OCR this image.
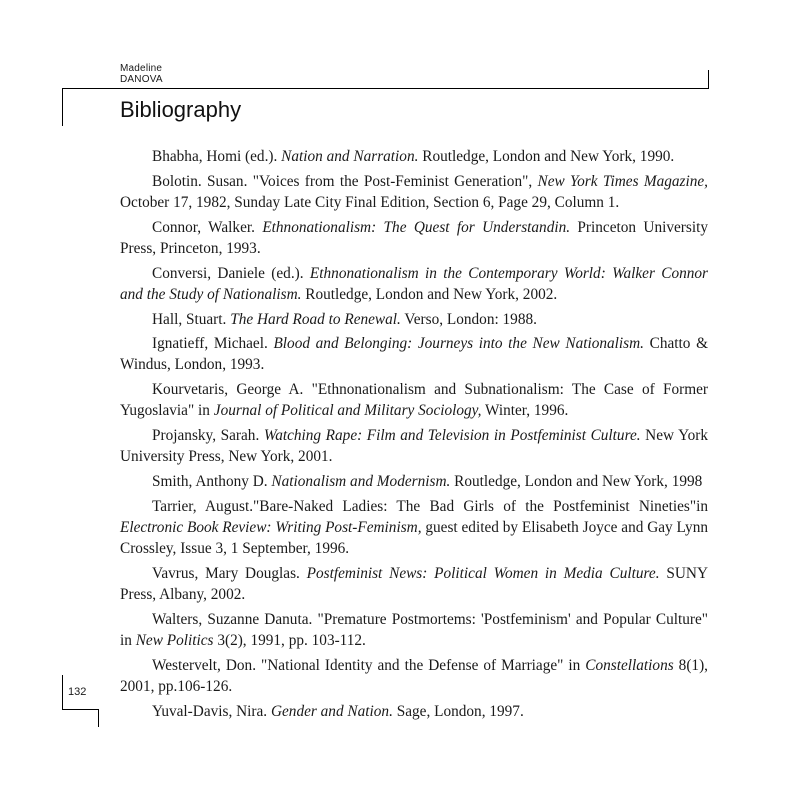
Madeline
DANOVA
Bibliography

Bhabha, Homi (ed.). Nation and Narration. Routledge, London and New York, 1990.

Bolotin. Susan. "Voices from the Post-Feminist Generation", New York Times Magazine, October 17, 1982, Sunday Late City Final Edition, Section 6, Page 29, Column 1.

Connor, Walker. Ethnonationalism: The Quest for Understandin. Princeton University Press, Princeton, 1993.

Conversi, Daniele (ed.). Ethnonationalism in the Contemporary World: Walker Connor and the Study of Nationalism. Routledge, London and New York, 2002.

Hall, Stuart. The Hard Road to Renewal. Verso, London: 1988.

Ignatieff, Michael. Blood and Belonging: Journeys into the New Nationalism. Chatto & Windus, London, 1993.

Kourvetaris, George A. "Ethnonationalism and Subnationalism: The Case of Former Yugoslavia" in Journal of Political and Military Sociology, Winter, 1996.

Projansky, Sarah. Watching Rape: Film and Television in Postfeminist Culture. New York University Press, New York, 2001.

Smith, Anthony D. Nationalism and Modernism. Routledge, London and New York, 1998

Tarrier, August."Bare-Naked Ladies: The Bad Girls of the Postfeminist Nineties"in Electronic Book Review: Writing Post-Feminism, guest edited by Elisabeth Joyce and Gay Lynn Crossley, Issue 3, 1 September, 1996.

Vavrus, Mary Douglas. Postfeminist News: Political Women in Media Culture. SUNY Press, Albany, 2002.

Walters, Suzanne Danuta. "Premature Postmortems: 'Postfeminism' and Popular Culture" in New Politics 3(2), 1991, pp. 103-112.

Westervelt, Don. "National Identity and the Defense of Marriage" in Constellations 8(1), 2001, pp.106-126.

Yuval-Davis, Nira. Gender and Nation. Sage, London, 1997.

132
